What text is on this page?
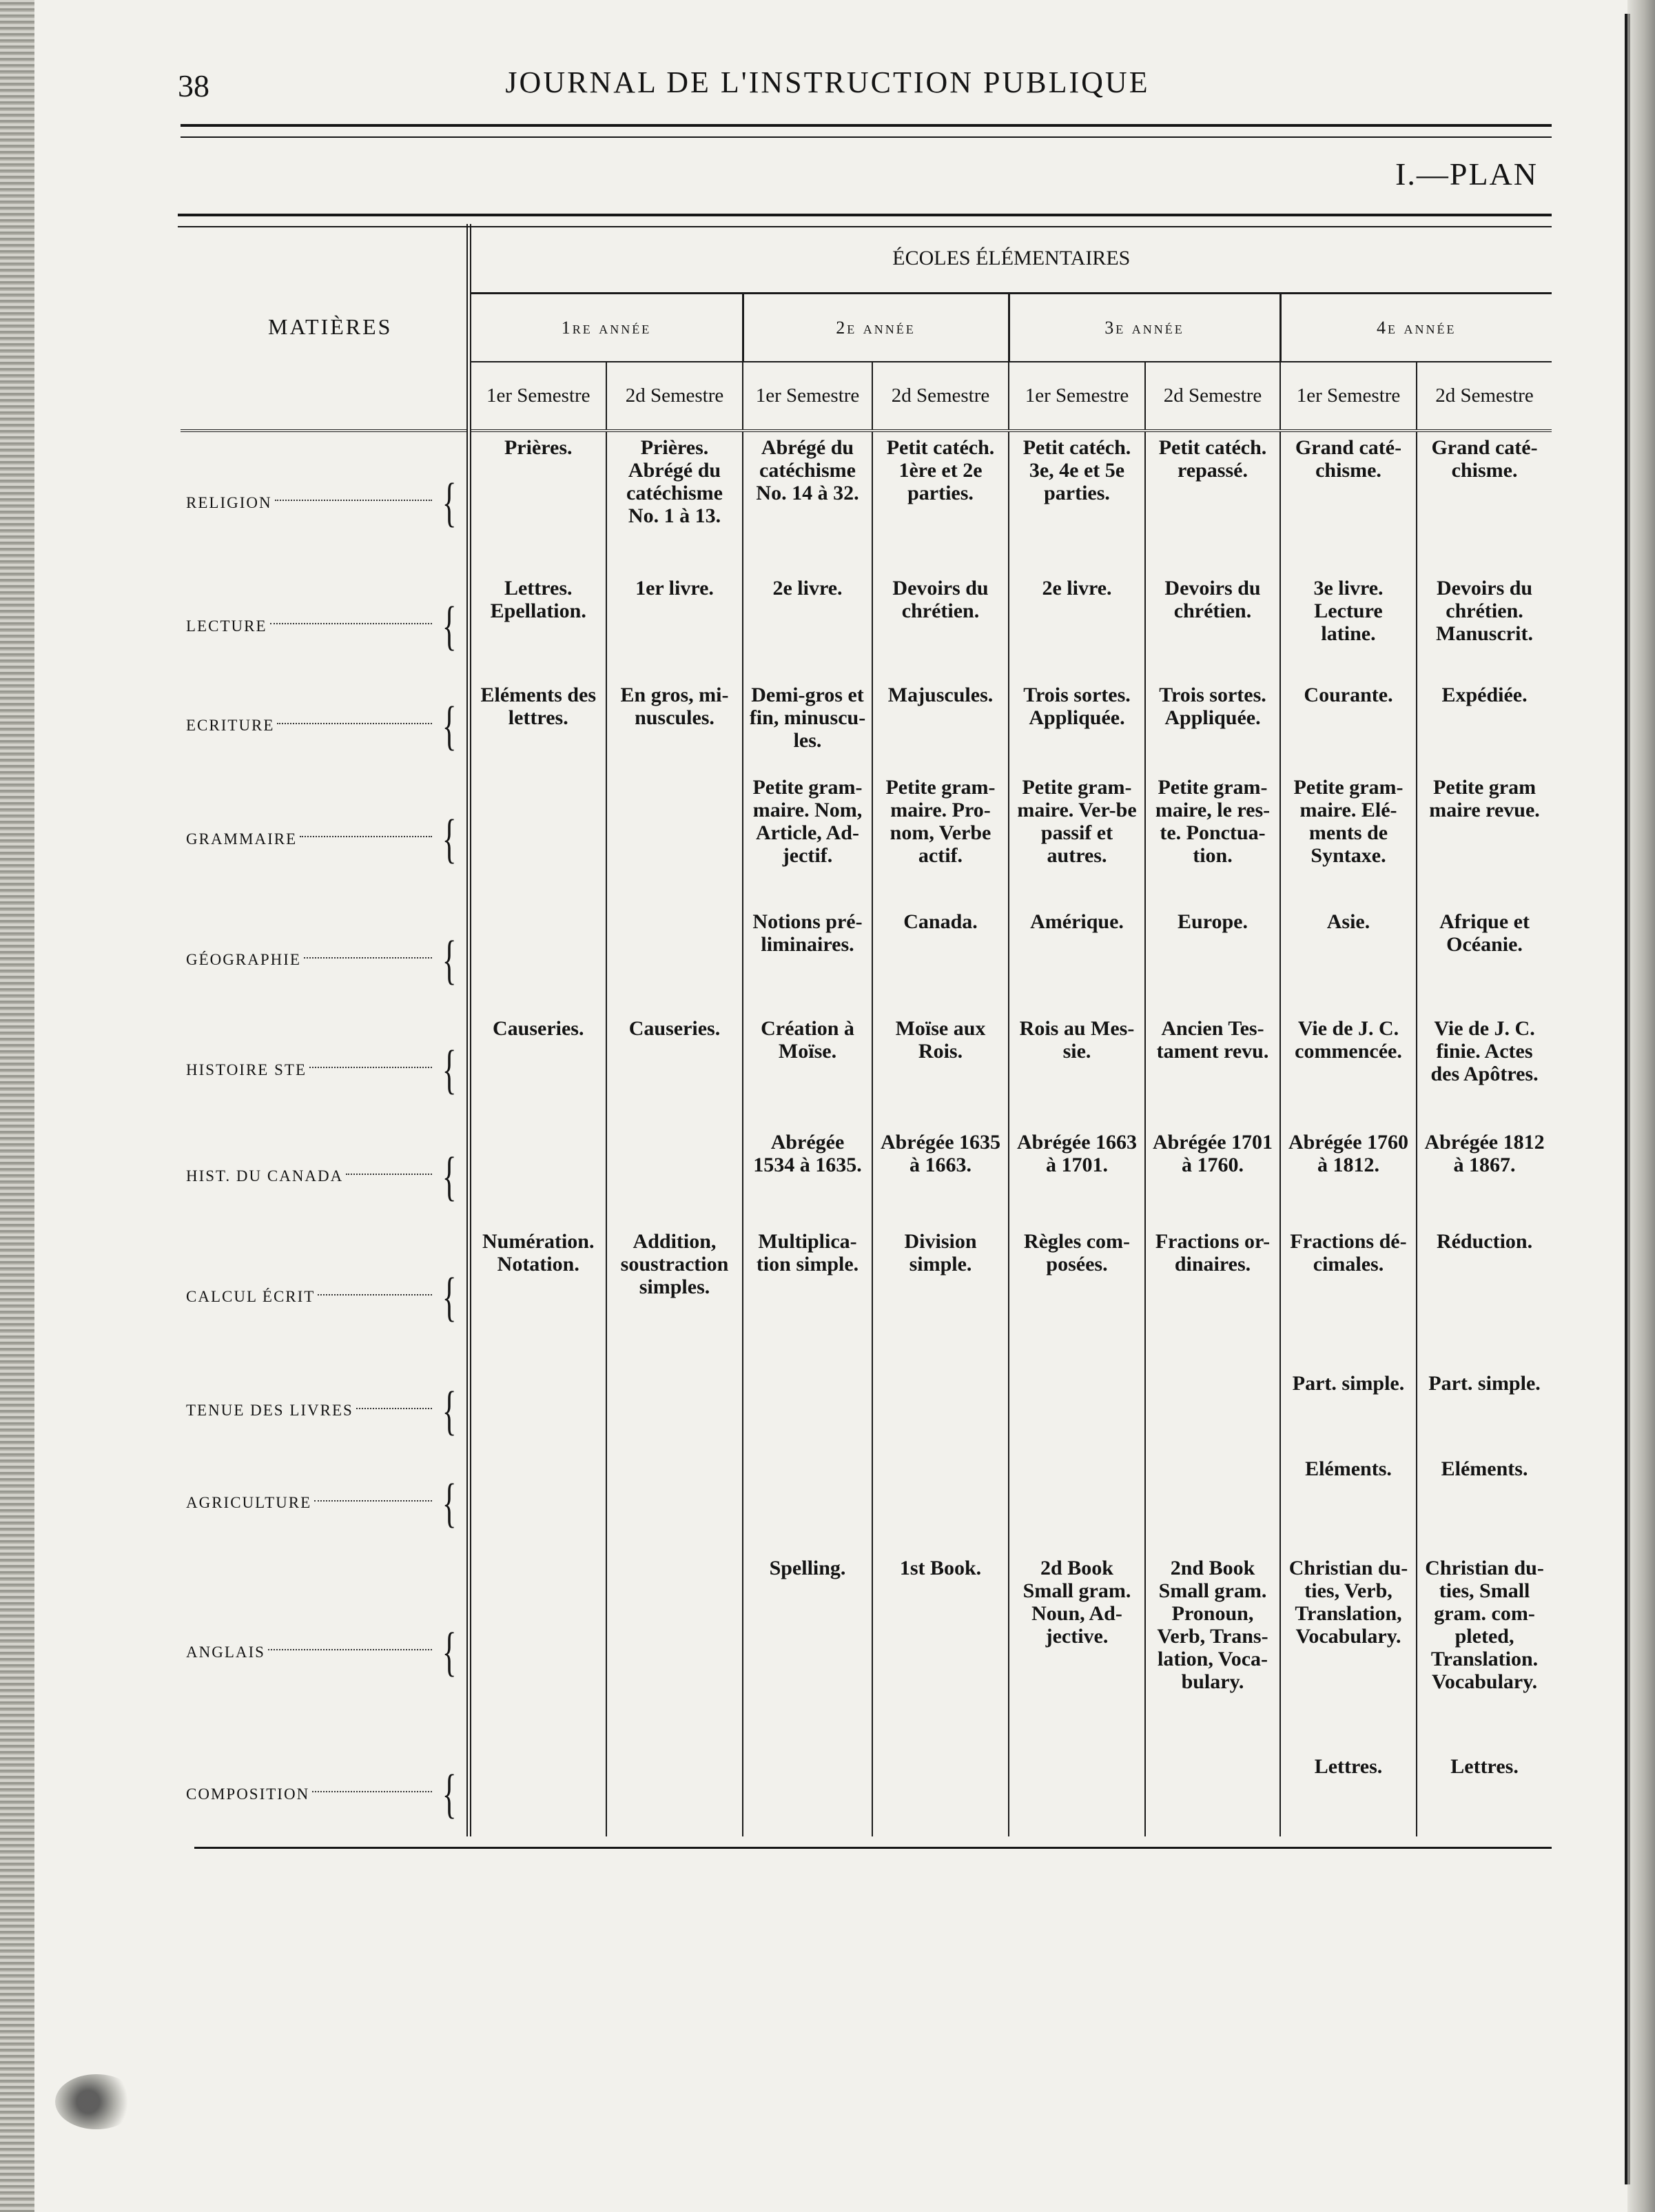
38	JOURNAL DE L'INSTRUCTION PUBLIQUE
I.—PLAN
MATIÈRES	ÉCOLES ÉLÉMENTAIRES							
	1re année		2e année		3e année		4e année	
	1er Semestre	2d Semestre	1er Semestre	2d Semestre	1er Semestre	2d Semestre	1er Semestre	2d Semestre

RELIGION {	Prières.	Prières. Abrégé du catéchisme No. 1 à 13.	Abrégé du catéchisme No. 14 à 32.	Petit catéch. 1ère et 2e parties.	Petit catéch. 3e, 4e et 5e parties.	Petit catéch. repassé.	Grand caté-chisme.	Grand caté-chisme.

LECTURE {	Lettres. Epellation.	1er livre.	2e livre.	Devoirs du chrétien.	2e livre.	Devoirs du chrétien.	3e livre. Lecture latine.	Devoirs du chrétien. Manuscrit.

ECRITURE {	Eléments des lettres.	En gros, mi-nuscules.	Demi-gros et fin, minuscu-les.	Majuscules.	Trois sortes. Appliquée.	Trois sortes. Appliquée.	Courante.	Expédiée.

GRAMMAIRE {			Petite gram-maire. Nom, Article, Ad-jectif.	Petite gram-maire. Pro-nom, Verbe actif.	Petite gram-maire. Ver-be passif et autres.	Petite gram-maire, le res-te. Ponctua-tion.	Petite gram-maire. Elé-ments de Syntaxe.	Petite gram maire revue.

GÉOGRAPHIE {			Notions pré-liminaires.	Canada.	Amérique.	Europe.	Asie.	Afrique et Océanie.

HISTOIRE STE {	Causeries.	Causeries.	Création à Moïse.	Moïse aux Rois.	Rois au Mes-sie.	Ancien Tes-tament revu.	Vie de J. C. commencée.	Vie de J. C. finie. Actes des Apôtres.

HIST. DU CANADA {			Abrégée 1534 à 1635.	Abrégée 1635 à 1663.	Abrégée 1663 à 1701.	Abrégée 1701 à 1760.	Abrégée 1760 à 1812.	Abrégée 1812 à 1867.

CALCUL ÉCRIT {	Numération. Notation.	Addition, soustraction simples.	Multiplica-tion simple.	Division simple.	Règles com-posées.	Fractions or-dinaires.	Fractions dé-cimales.	Réduction.

TENUE DES LIVRES {							Part. simple.	Part. simple.

AGRICULTURE {							Eléments.	Eléments.

ANGLAIS {			Spelling.	1st Book.	2d Book Small gram. Noun, Ad-jective.	2nd Book Small gram. Pronoun, Verb, Trans-lation, Voca-bulary.	Christian du-ties, Verb, Translation, Vocabulary.	Christian du-ties, Small gram. com-pleted, Translation. Vocabulary.

COMPOSITION {							Lettres.	Lettres.
